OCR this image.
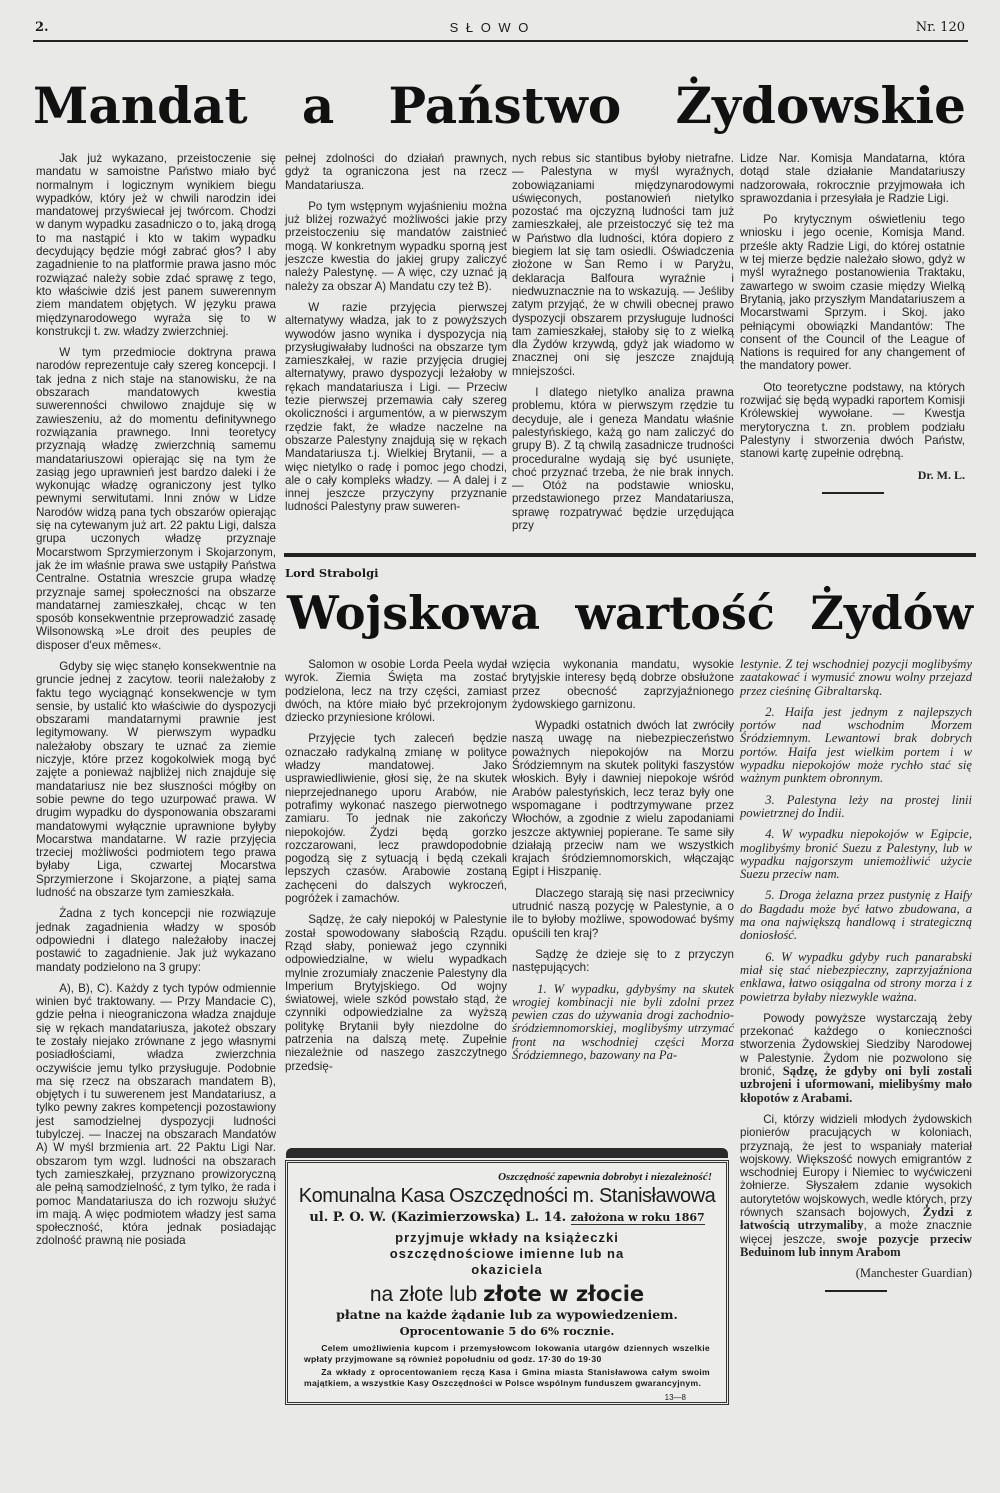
2.	S Ł O W O	Nr. 120
Mandat a Państwo Żydowskie

Jak już wykazano, przeistoczenie się mandatu w samoistne Państwo miało być normalnym i logicznym wynikiem biegu wypadków, który jeż w chwili narodzin idei mandatowej przyświecał jej twórcom. Chodzi w danym wypadku zasadniczo o to, jaką drogą to ma nastąpić i kto w takim wypadku decydujący będzie mógł zabrać głos? I aby zagadnienie to na platformie prawa jasno móc rozwiązać należy sobie zdać sprawę z tego, kto właściwie dziś jest panem suwerennym ziem mandatem objętych. W języku prawa międzynarodowego wyraża się to w konstrukcji t. zw. władzy zwierzchniej.

W tym przedmiocie doktryna prawa narodów reprezentuje cały szereg koncepcji. I tak jedna z nich staje na stanowisku, że na obszarach mandatowych kwestia suwerenności chwilowo znajduje się w zawieszeniu, aż do momentu definitywnego rozwiązania prawnego. Inni teoretycy przyznają władzę zwierzchnią samemu mandatariuszowi opierając się na tym że zasiąg jego uprawnień jest bardzo daleki i że wykonując władzę ograniczony jest tylko pewnymi serwitutami. Inni znów w Lidze Narodów widzą pana tych obszarów opierając się na cytewanym już art. 22 paktu Ligi, dalsza grupa uczonych władzę przyznaje Mocarstwom Sprzymierzonym i Skojarzonym, jak że im właśnie prawa swe ustąpiły Państwa Centralne. Ostatnia wreszcie grupa władzę przyznaje samej społeczności na obszarze mandatarnej zamieszkałej, chcąc w ten sposób konsekwentnie przeprowadzić zasadę Wilsonowską »Le droit des peuples de disposer d'eux mêmes«.

Gdyby się więc stanęło konsekwentnie na gruncie jednej z zacytow. teorii należałoby z faktu tego wyciągnąć konsekwencje w tym sensie, by ustalić kto właściwie do dyspozycji obszarami mandatarnymi prawnie jest legitymowany. W pierwszym wypadku należałoby obszary te uznać za ziemie niczyje, które przez kogokolwiek mogą być zajęte a ponieważ najbliżej nich znajduje się mandatariusz nie bez słuszności mógłby on sobie pewne do tego uzurpować prawa. W drugim wypadku do dysponowania obszarami mandatowymi wyłącznie uprawnione byłyby Mocarstwa mandatarne. W razie przyjęcia trzeciej możliwości podmiotem tego prawa byłaby Liga, czwartej Mocarstwa Sprzymierzone i Skojarzone, a piątej sama ludność na obszarze tym zamieszkała.

Żadna z tych koncepcji nie rozwiązuje jednak zagadnienia władzy w sposób odpowiedni i dlatego należałoby inaczej postawić to zagadnienie. Jak już wykazano mandaty podzielono na 3 grupy:

A), B), C). Każdy z tych typów odmiennie winien być traktowany. — Przy Mandacie C), gdzie pełna i nieograniczona władza znajduje się w rękach mandatariusza, jakoteż obszary te zostały niejako zrównane z jego własnymi posiadłościami, władza zwierzchnia oczywiście jemu tylko przysługuje. Podobnie ma się rzecz na obszarach mandatem B), objętych i tu suwerenem jest Mandatariusz, a tylko pewny zakres kompetencji pozostawiony jest samodzielnej dyspozycji ludności tubylczej. — Inaczej na obszarach Mandatów A) W myśl brzmienia art. 22 Paktu Ligi Nar. obszarom tym wzgl. ludności na obszarach tych zamieszkałej, przyznano prowizoryczną ale pełną samodzielność, z tym tylko, że rada i pomoc Mandatariusza do ich rozwoju służyć im mają. A więc podmiotem władzy jest sama społeczność, która jednak posiadając zdolność prawną nie posiada

pełnej zdolności do działań prawnych, gdyż ta ograniczona jest na rzecz Mandatariusza.

Po tym wstępnym wyjaśnieniu można już bliżej rozważyć możliwości jakie przy przeistoczeniu się mandatów zaistnieć mogą. W konkretnym wypadku sporną jest jeszcze kwestia do jakiej grupy zaliczyć należy Palestynę. — A więc, czy uznać ją należy za obszar A) Mandatu czy też B).

W razie przyjęcia pierwszej alternatywy władza, jak to z powyższych wywodów jasno wynika i dyspozycja nią przysługiwałaby ludności na obszarze tym zamieszkałej, w razie przyjęcia drugiej alternatywy, prawo dyspozycji leżałoby w rękach mandatariusza i Ligi. — Przeciw tezie pierwszej przemawia cały szereg okoliczności i argumentów, a w pierwszym rzędzie fakt, że władze naczelne na obszarze Palestyny znajdują się w rękach Mandatariusza t.j. Wielkiej Brytanii, — a więc nietylko o radę i pomoc jego chodzi, ale o cały kompleks władzy. — A dalej i z innej jeszcze przyczyny przyznanie ludności Palestyny praw suweren-

nych rebus sic stantibus byłoby nietrafne. — Palestyna w myśl wyraźnych, zobowiązaniami międzynarodowymi uświęconych, postanowień nietylko pozostać ma ojczyzną ludności tam już zamieszkałej, ale przeistoczyć się też ma w Państwo dla ludności, która dopiero z biegiem lat się tam osiedli. Oświadczenia złożone w San Remo i w Paryżu, deklaracja Balfoura wyraźnie i niedwuznacznie na to wskazują. — Jeśliby zatym przyjąć, że w chwili obecnej prawo dyspozycji obszarem przysługuje ludności tam zamieszkałej, stałoby się to z wielką dla Żydów krzywdą, gdyż jak wiadomo w znacznej oni się jeszcze znajdują mniejszości.

I dlatego nietylko analiza prawna problemu, która w pierwszym rzędzie tu decyduje, ale i geneza Mandatu właśnie palestyńskiego, każą go nam zaliczyć do grupy B). Z tą chwilą zasadnicze trudności proceduralne wydają się być usunięte, choć przyznać trzeba, że nie brak innych. — Otóż na podstawie wniosku, przedstawionego przez Mandatariusza, sprawę rozpatrywać będzie urzędująca przy

Lidze Nar. Komisja Mandatarna, która dotąd stale działanie Mandatariuszy nadzorowała, rokrocznie przyjmowała ich sprawozdania i przesyłała je Radzie Ligi.

Po krytycznym oświetleniu tego wniosku i jego ocenie, Komisja Mand. prześle akty Radzie Ligi, do której ostatnie w tej mierze będzie należało słowo, gdyż w myśl wyraźnego postanowienia Traktaku, zawartego w swoim czasie między Wielką Brytanią, jako przyszłym Mandatariuszem a Mocarstwami Sprzym. i Skoj. jako pełniącymi obowiązki Mandantów: The consent of the Council of the League of Nations is required for any changement of the mandatory power.

Oto teoretyczne podstawy, na których rozwijać się będą wypadki raportem Komisji Królewskiej wywołane. — Kwestja merytoryczna t. zn. problem podziału Palestyny i stworzenia dwóch Państw, stanowi kartę zupełnie odrębną.

Dr. M. L.
Lord Strabolgi
Wojskowa wartość Żydów

Salomon w osobie Lorda Peela wydał wyrok. Ziemia Święta ma zostać podzielona, lecz na trzy części, zamiast dwóch, na które miało być przekrojonym dziecko przyniesione królowi.

Przyjęcie tych zaleceń będzie oznaczało radykalną zmianę w polityce władzy mandatowej. Jako usprawiedliwienie, głosi się, że na skutek nieprzejednanego uporu Arabów, nie potrafimy wykonać naszego pierwotnego zamiaru. To jednak nie zakończy niepokojów. Żydzi będą gorzko rozczarowani, lecz prawdopodobnie pogodzą się z sytuacją i będą czekali lepszych czasów. Arabowie zostaną zachęceni do dalszych wykroczeń, pogróżek i zamachów.

Sądzę, że cały niepokój w Palestynie został spowodowany słabością Rządu. Rząd słaby, ponieważ jego czynniki odpowiedzialne, w wielu wypadkach mylnie zrozumiały znaczenie Palestyny dla Imperium Brytyjskiego. Od wojny światowej, wiele szkód powstało stąd, że czynniki odpowiedzialne za wyższą politykę Brytanii były niezdolne do patrzenia na dalszą metę. Zupełnie niezależnie od naszego zaszczytnego przedsię-

wzięcia wykonania mandatu, wysokie brytyjskie interesy będą dobrze obsłużone przez obecność zaprzyjaźnionego żydowskiego garnizonu.

Wypadki ostatnich dwóch lat zwróciły naszą uwagę na niebezpieczeństwo poważnych niepokojów na Morzu Śródziemnym na skutek polityki faszystów włoskich. Były i dawniej niepokoje wśród Arabów palestyńskich, lecz teraz były one wspomagane i podtrzymywane przez Włochów, a zgodnie z wielu zapodaniami jeszcze aktywniej popierane. Te same siły działają przeciw nam we wszystkich krajach śródziemnomorskich, włączając Egipt i Hiszpanię.

Dlaczego starają się nasi przeciwnicy utrudnić naszą pozycję w Palestynie, a o ile to byłoby możliwe, spowodować byśmy opuścili ten kraj?

Sądzę że dzieje się to z przyczyn następujących:

1. W wypadku, gdybyśmy na skutek wrogiej kombinacji nie byli zdolni przez pewien czas do używania drogi zachodnio-śródziemnomorskiej, moglibyśmy utrzymać front na wschodniej części Morza Śródziemnego, bazowany na Pa-

lestynie. Z tej wschodniej pozycji moglibyśmy zaatakować i wymusić znowu wolny przejazd przez cieśninę Gibraltarską.

2. Haifa jest jednym z najlepszych portów nad wschodnim Morzem Śródziemnym. Lewantowi brak dobrych portów. Haifa jest wielkim portem i w wypadku niepokojów może rychło stać się ważnym punktem obronnym.

3. Palestyna leży na prostej linii powietrznej do Indii.

4. W wypadku niepokojów w Egipcie, moglibyśmy bronić Suezu z Palestyny, lub w wypadku najgorszym uniemożliwić użycie Suezu przeciw nam.

5. Droga żelazna przez pustynię z Haify do Bagdadu może być łatwo zbudowana, a ma ona największą handlową i strategiczną doniosłość.

6. W wypadku gdyby ruch panarabski miał się stać niebezpieczny, zaprzyjaźniona enklawa, łatwo osiągalna od strony morza i z powietrza byłaby niezwykle ważna.

Powody powyższe wystarczają żeby przekonać każdego o konieczności stworzenia Żydowskiej Siedziby Narodowej w Palestynie. Żydom nie pozwolono się bronić, Sądzę, że gdyby oni byli zostali uzbrojeni i uformowani, mielibyśmy mało kłopotów z Arabami.

Ci, którzy widzieli młodych żydowskich pionierów pracujących w koloniach, przyznają, że jest to wspaniały materiał wojskowy. Większość nowych emigrantów z wschodniej Europy i Niemiec to wyćwiczeni żołnierze. Słyszałem zdanie wysokich autorytetów wojskowych, wedle których, przy równych szansach bojowych, Żydzi z łatwością utrzymaliby, a może znacznie więcej jeszcze, swoje pozycje przeciw Beduinom lub innym Arabom

(Manchester Guardian)
Oszczędność zapewnia dobrobyt i niezależność!
Komunalna Kasa Oszczędności m. Stanisławowa
ul. P. O. W. (Kazimierzowska) L. 14. założona w roku 1867
przyjmuje wkłady na książeczki oszczędnościowe imienne lub na okaziciela
na złote lub złote w złocie
płatne na każde żądanie lub za wypowiedzeniem.
Oprocentowanie 5 do 6% rocznie.
Celem umożliwienia kupcom i przemysłowcom lokowania utargów dziennych wszelkie wpłaty przyjmowane są również popołudniu od godz. 17·30 do 19·30
Za wkłady z oprocentowaniem ręczą Kasa i Gmina miasta Stanisławowa całym swoim majątkiem, a wszystkie Kasy Oszczędności w Polsce wspólnym funduszem gwarancyjnym.
13—8
